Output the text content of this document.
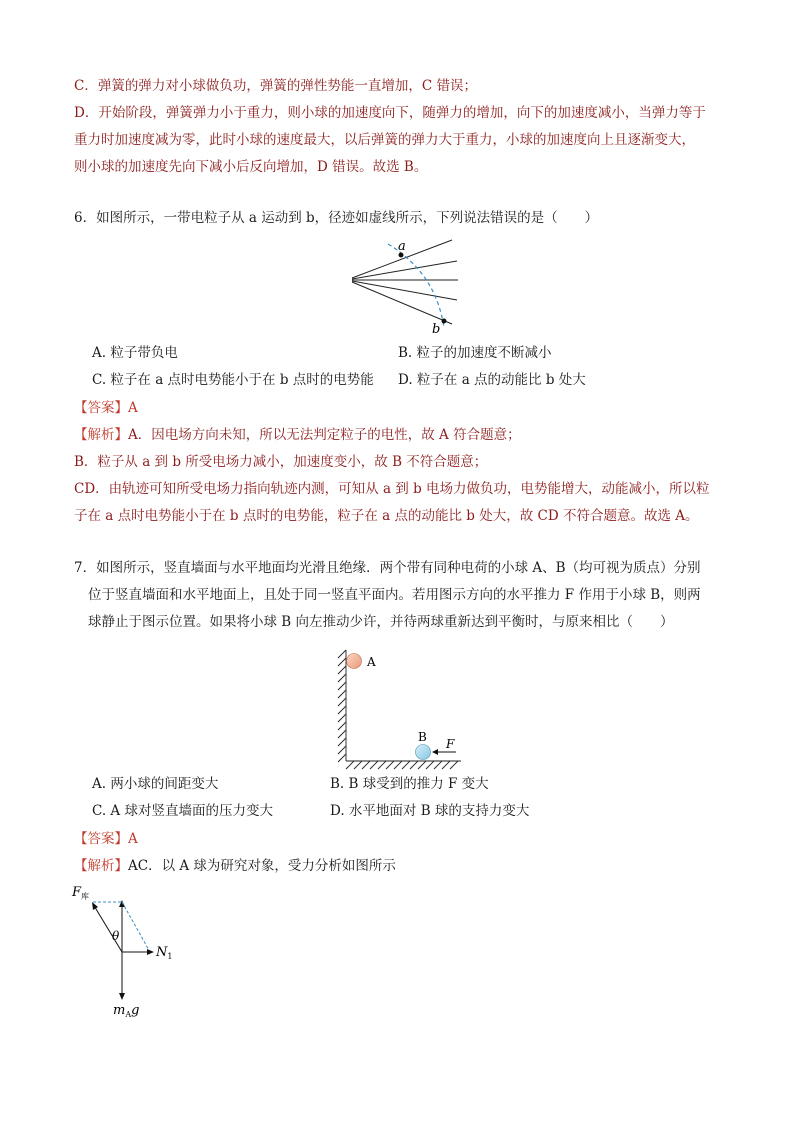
C．弹簧的弹力对小球做负功，弹簧的弹性势能一直增加，C 错误；
D．开始阶段，弹簧弹力小于重力，则小球的加速度向下，随弹力的增加，向下的加速度减小，当弹力等于
重力时加速度减为零，此时小球的速度最大，以后弹簧的弹力大于重力，小球的加速度向上且逐渐变大，
则小球的加速度先向下减小后反向增加，D 错误。故选 B。
6．如图所示，一带电粒子从 a 运动到 b，径迹如虚线所示，下列说法错误的是（　　）
a
b
A. 粒子带负电	B. 粒子的加速度不断减小
C. 粒子在 a 点时电势能小于在 b 点时的电势能 D. 粒子在 a 点的动能比 b 处大
【答案】A
【解析】A．因电场方向未知，所以无法判定粒子的电性，故 A 符合题意；
B．粒子从 a 到 b 所受电场力减小，加速度变小，故 B 不符合题意；
CD．由轨迹可知所受电场力指向轨迹内测，可知从 a 到 b 电场力做负功，电势能增大，动能减小，所以粒
子在 a 点时电势能小于在 b 点时的电势能，粒子在 a 点的动能比 b 处大，故 CD 不符合题意。故选 A。
7．如图所示，竖直墙面与水平地面均光滑且绝缘．两个带有同种电荷的小球 A、B（均可视为质点）分别
位于竖直墙面和水平地面上，且处于同一竖直平面内。若用图示方向的水平推力 F 作用于小球 B，则两
球静止于图示位置。如果将小球 B 向左推动少许，并待两球重新达到平衡时，与原来相比（　　）
A
B F
A. 两小球的间距变大	B. B 球受到的推力 F 变大
C. A 球对竖直墙面的压力变大	D. 水平地面对 B 球的支持力变大
【答案】A
【解析】AC．以 A 球为研究对象，受力分析如图所示
$F_库$
θ
$N_1$
$m_Ag$
